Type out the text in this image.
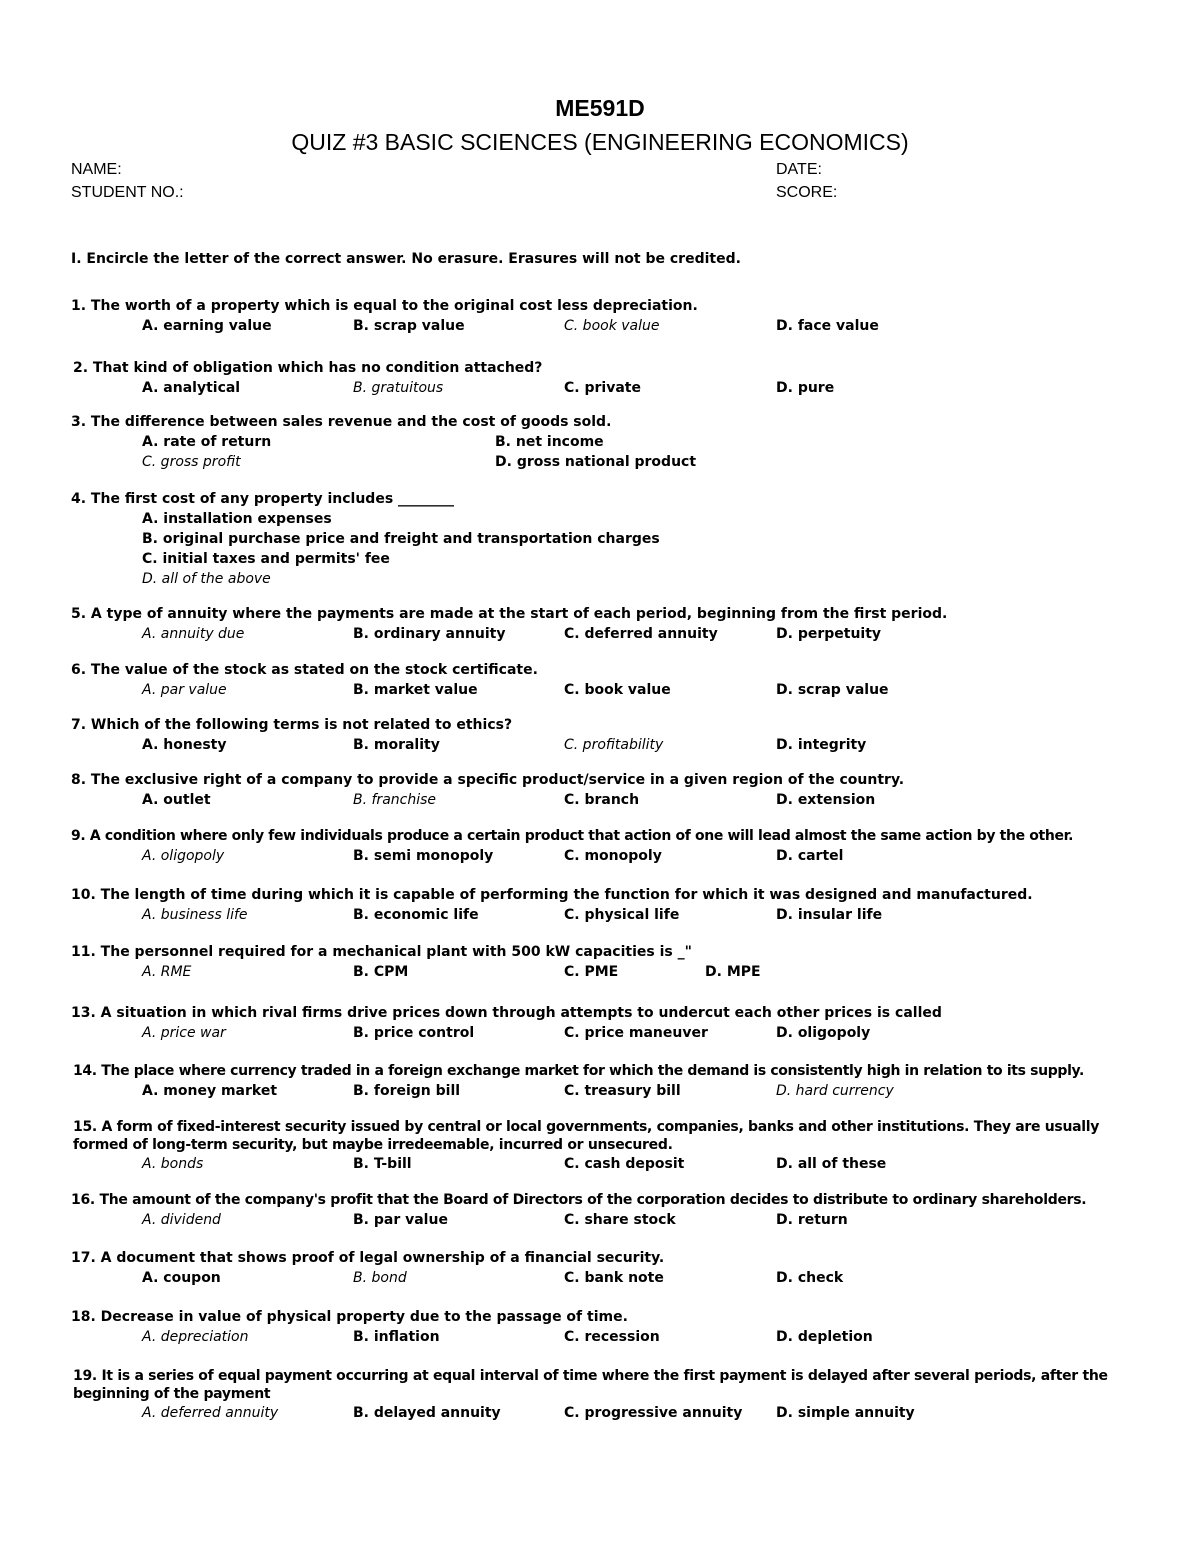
ME591D
QUIZ #3 BASIC SCIENCES (ENGINEERING ECONOMICS)
NAME:
STUDENT NO.:
DATE:
SCORE:
I. Encircle the letter of the correct answer. No erasure. Erasures will not be credited.
1. The worth of a property which is equal to the original cost less depreciation.
A. earning value	B. scrap value	C. book value	D. face value
2. That kind of obligation which has no condition attached?
A. analytical	B. gratuitous	C. private	D. pure
3. The difference between sales revenue and the cost of goods sold.
A. rate of return	B. net income
C. gross profit	D. gross national product
4. The first cost of any property includes ________
A. installation expenses
B. original purchase price and freight and transportation charges
C. initial taxes and permits' fee
D. all of the above
5. A type of annuity where the payments are made at the start of each period, beginning from the first period.
A. annuity due	B. ordinary annuity	C. deferred annuity	D. perpetuity
6. The value of the stock as stated on the stock certificate.
A. par value	B. market value	C. book value	D. scrap value
7. Which of the following terms is not related to ethics?
A. honesty	B. morality	C. profitability	D. integrity
8. The exclusive right of a company to provide a specific product/service in a given region of the country.
A. outlet	B. franchise	C. branch	D. extension
9. A condition where only few individuals produce a certain product that action of one will lead almost the same action by the other.
A. oligopoly	B. semi monopoly	C. monopoly	D. cartel
10. The length of time during which it is capable of performing the function for which it was designed and manufactured.
A. business life	B. economic life	C. physical life	D. insular life
11. The personnel required for a mechanical plant with 500 kW capacities is _"
A. RME	B. CPM	C. PME	D. MPE
13. A situation in which rival firms drive prices down through attempts to undercut each other prices is called
A. price war	B. price control	C. price maneuver	D. oligopoly
14. The place where currency traded in a foreign exchange market for which the demand is consistently high in relation to its supply.
A. money market	B. foreign bill	C. treasury bill	D. hard currency
15. A form of fixed-interest security issued by central or local governments, companies, banks and other institutions. They are usually formed of long-term security, but maybe irredeemable, incurred or unsecured.
A. bonds	B. T-bill	C. cash deposit	D. all of these
16. The amount of the company's profit that the Board of Directors of the corporation decides to distribute to ordinary shareholders.
A. dividend	B. par value	C. share stock	D. return
17. A document that shows proof of legal ownership of a financial security.
A. coupon	B. bond	C. bank note	D. check
18. Decrease in value of physical property due to the passage of time.
A. depreciation	B. inflation	C. recession	D. depletion
19. It is a series of equal payment occurring at equal interval of time where the first payment is delayed after several periods, after the beginning of the payment
A. deferred annuity	B. delayed annuity	C. progressive annuity D. simple annuity
